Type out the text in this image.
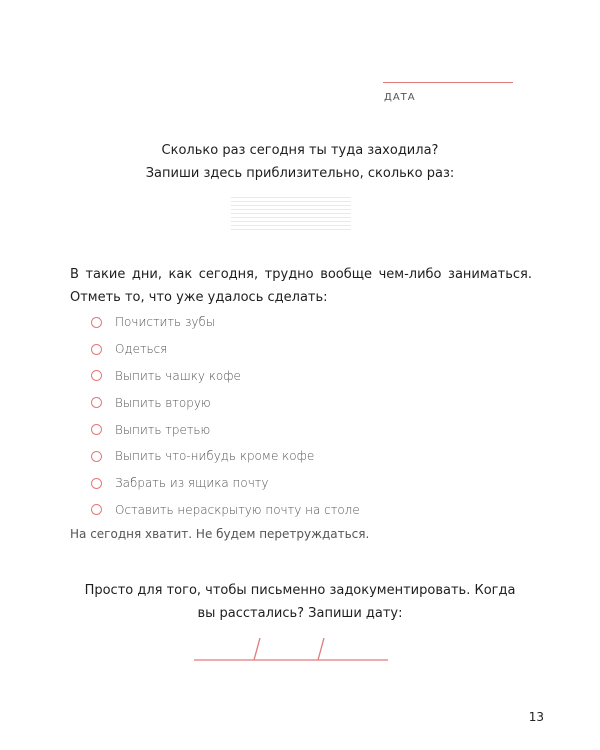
ДАТА
Сколько раз сегодня ты туда заходила?
Запиши здесь приблизительно, сколько раз:
В такие дни, как сегодня, трудно вообще чем-либо заниматься. Отметь то, что уже удалось сделать:
Почистить зубы
Одеться
Выпить чашку кофе
Выпить вторую
Выпить третью
Выпить что-нибудь кроме кофе
Забрать из ящика почту
Оставить нераскрытую почту на столе
На сегодня хватит. Не будем перетруждаться.
Просто для того, чтобы письменно задокументировать. Когда
вы расстались? Запиши дату:
13
